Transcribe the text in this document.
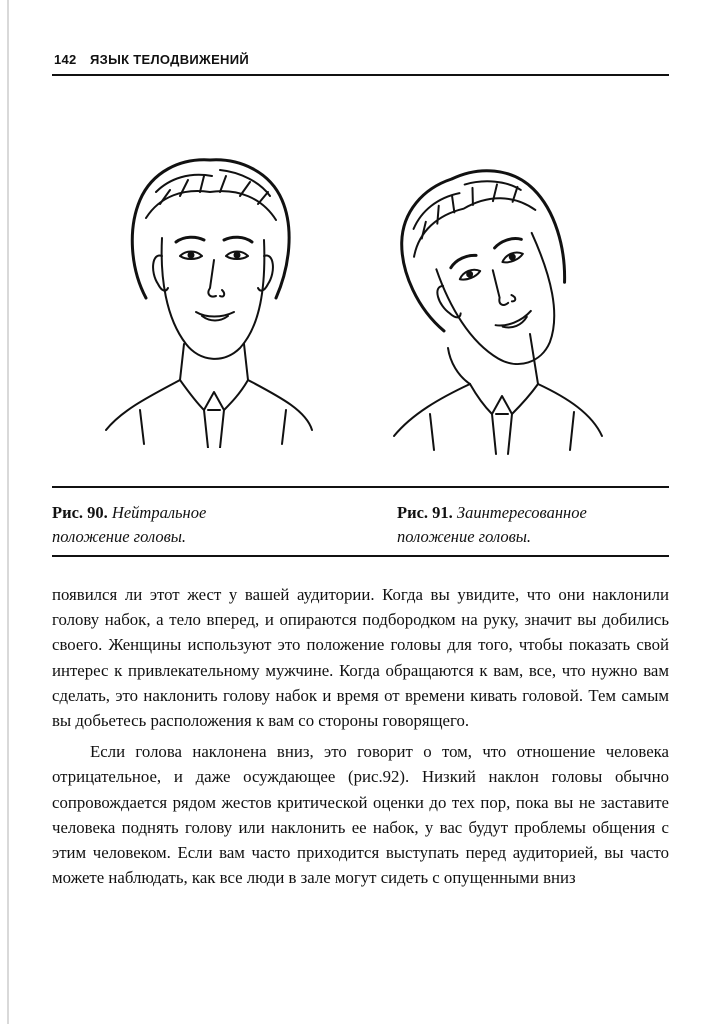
142 ЯЗЫК ТЕЛОДВИЖЕНИЙ
Рис. 90. Нейтральное
положение головы.
Рис. 91. Заинтересованное
положение головы.

появился ли этот жест у вашей аудитории. Когда вы увидите, что они наклонили голову набок, а тело вперед, и опираются подбородком на руку, значит вы добились своего. Женщины используют это положение головы для того, чтобы показать свой интерес к привлекательному мужчине. Когда обращаются к вам, все, что нужно вам сделать, это наклонить голову набок и время от времени кивать головой. Тем самым вы добьетесь расположения к вам со стороны говорящего.

Если голова наклонена вниз, это говорит о том, что отношение человека отрицательное, и даже осуждающее (рис.92). Низкий наклон головы обычно сопровождается рядом жестов критической оценки до тех пор, пока вы не заставите человека поднять голову или наклонить ее набок, у вас будут проблемы общения с этим человеком. Если вам часто приходится выступать перед аудиторией, вы часто можете наблюдать, как все люди в зале могут сидеть с опущенными вниз
